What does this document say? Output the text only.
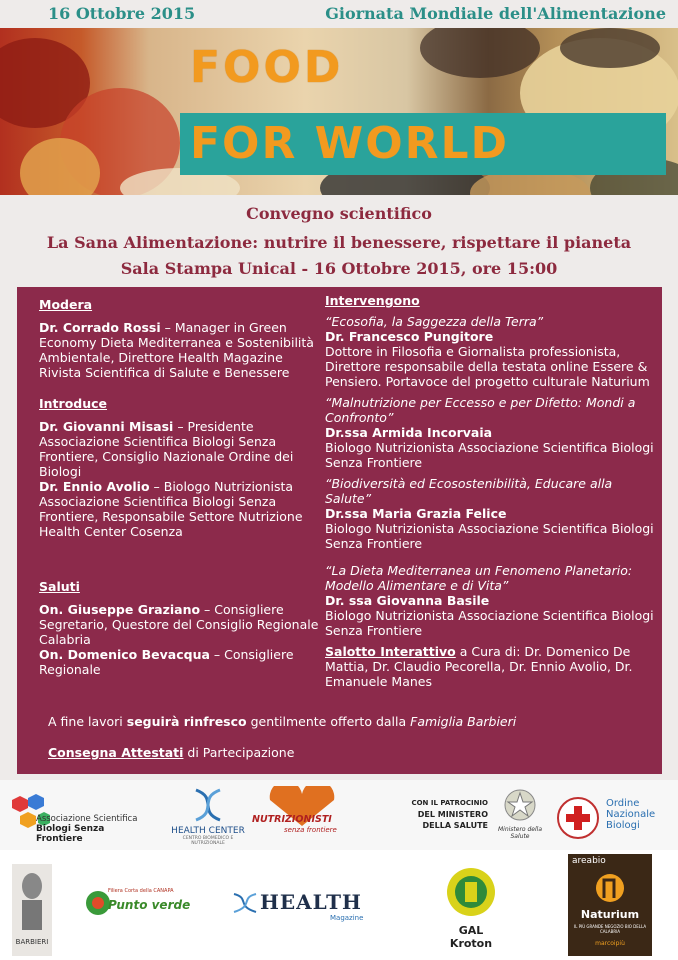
16 Ottobre 2015	Giornata Mondiale dell'Alimentazione
FOOD
FOR WORLD
Convegno scientifico
La Sana Alimentazione: nutrire il benessere, rispettare il pianeta
Sala Stampa Unical - 16 Ottobre 2015, ore 15:00
Modera
Dr. Corrado Rossi – Manager in Green Economy Dieta Mediterranea e Sostenibilità Ambientale, Direttore Health Magazine Rivista Scientifica di Salute e Benessere
Introduce
Dr. Giovanni Misasi – Presidente Associazione Scientifica Biologi Senza Frontiere, Consiglio Nazionale Ordine dei Biologi
Dr. Ennio Avolio – Biologo Nutrizionista Associazione Scientifica Biologi Senza Frontiere, Responsabile Settore Nutrizione Health Center Cosenza
Saluti
On. Giuseppe Graziano – Consigliere Segretario, Questore del Consiglio Regionale Calabria
On. Domenico Bevacqua – Consigliere Regionale
Intervengono
“Ecosofia, la Saggezza della Terra”
Dr. Francesco Pungitore
Dottore in Filosofia e Giornalista professionista, Direttore responsabile della testata online Essere & Pensiero. Portavoce del progetto culturale Naturium
“Malnutrizione per Eccesso e per Difetto: Mondi a Confronto”
Dr.ssa Armida Incorvaia
Biologo Nutrizionista Associazione Scientifica Biologi Senza Frontiere
“Biodiversità ed Ecosostenibilità, Educare alla Salute”
Dr.ssa Maria Grazia Felice
Biologo Nutrizionista Associazione Scientifica Biologi Senza Frontiere
“La Dieta Mediterranea un Fenomeno Planetario: Modello Alimentare e di Vita”
Dr. ssa Giovanna Basile
Biologo Nutrizionista Associazione Scientifica Biologi Senza Frontiere
Salotto Interattivo a Cura di: Dr. Domenico De Mattia, Dr. Claudio Pecorella, Dr. Ennio Avolio, Dr. Emanuele Manes
A fine lavori seguirà rinfresco gentilmente offerto dalla Famiglia Barbieri
Consegna Attestati di Partecipazione
Associazione Scientifica
Biologi Senza Frontiere
HEALTH CENTER
CENTRO BIOMEDICO E NUTRIZIONALE
NUTRIZIONISTI
senza frontiere
CON IL PATROCINIO
DEL MINISTERO
DELLA SALUTE	Ministero della Salute
Ordine Nazionale Biologi
BARBIERI
Filiera Corta della CANAPA
Punto verde	HEALTH
Magazine
GAL Kroton
areabio
Naturium
IL PIÙ GRANDE NEGOZIO BIO DELLA CALABRIA
marcoipiù
